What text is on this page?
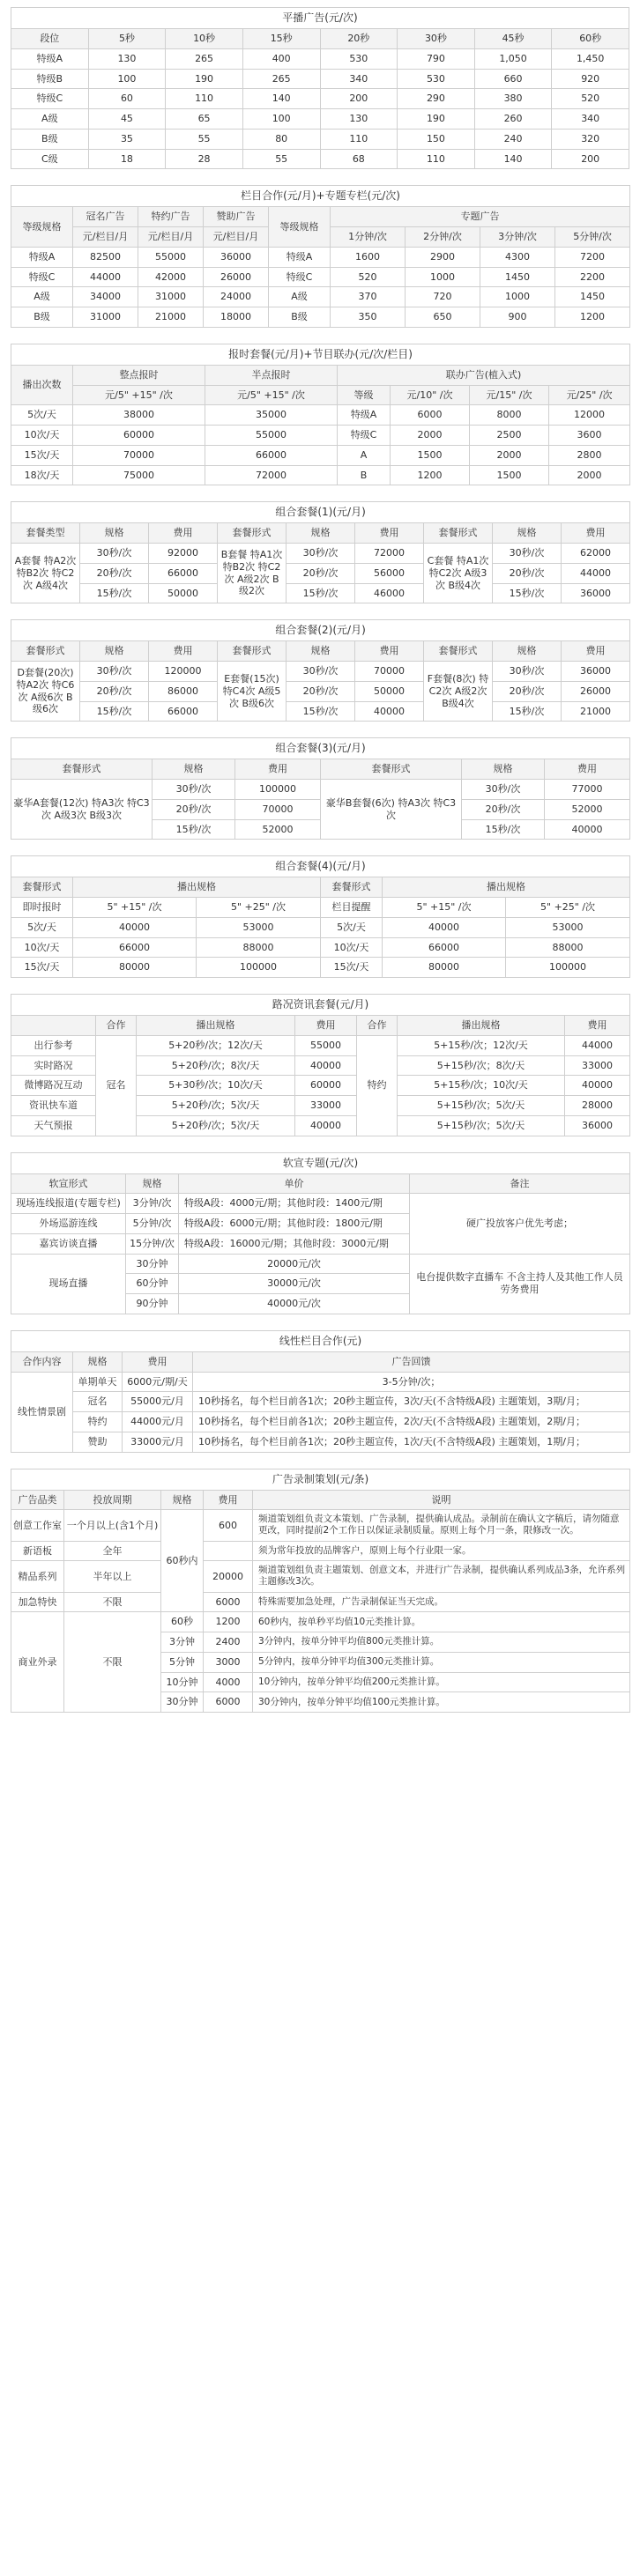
平播广告(元/次)							
段位	5秒	10秒	15秒	20秒	30秒	45秒	60秒
特级A	130	265	400	530	790	1,050	1,450
特级B	100	190	265	340	530	660	920
特级C	60	110	140	200	290	380	520
A级	45	65	100	130	190	260	340
B级	35	55	80	110	150	240	320
C级	18	28	55	68	110	140	200
栏目合作(元/月)+专题专栏(元/次)								
等级规格	冠名广告	特约广告	赞助广告	等级规格	专题广告			
	元/栏目/月	元/栏目/月	元/栏目/月		1分钟/次	2分钟/次	3分钟/次	5分钟/次
特级A	82500	55000	36000	特级A	1600	2900	4300	7200
特级C	44000	42000	26000	特级C	520	1000	1450	2200
A级	34000	31000	24000	A级	370	720	1000	1450
B级	31000	21000	18000	B级	350	650	900	1200
报时套餐(元/月)+节目联办(元/次/栏目)						
播出次数	整点报时	半点报时	联办广告(植入式)			
	元/5" +15" /次	元/5" +15" /次	等级	元/10" /次	元/15" /次	元/25" /次
5次/天	38000	35000	特级A	6000	8000	12000
10次/天	60000	55000	特级C	2000	2500	3600
15次/天	70000	66000	A	1500	2000	2800
18次/天	75000	72000	B	1200	1500	2000
组合套餐(1)(元/月)								
套餐类型	规格	费用	套餐形式	规格	费用	套餐形式	规格	费用
A套餐 特A2次 特B2次 特C2次 A级4次	30秒/次	92000	B套餐 特A1次 特B2次 特C2次 A级2次 B级2次	30秒/次	72000	C套餐 特A1次 特C2次 A级3次 B级4次	30秒/次	62000
	20秒/次	66000		20秒/次	56000		20秒/次	44000
	15秒/次	50000		15秒/次	46000		15秒/次	36000
组合套餐(2)(元/月)								
套餐形式	规格	费用	套餐形式	规格	费用	套餐形式	规格	费用
D套餐(20次) 特A2次 特C6次 A级6次 B级6次	30秒/次	120000	E套餐(15次) 特C4次 A级5次 B级6次	30秒/次	70000	F套餐(8次) 特C2次 A级2次 B级4次	30秒/次	36000
	20秒/次	86000		20秒/次	50000		20秒/次	26000
	15秒/次	66000		15秒/次	40000		15秒/次	21000
组合套餐(3)(元/月)					
套餐形式	规格	费用	套餐形式	规格	费用
豪华A套餐(12次) 特A3次 特C3次 A级3次 B级3次	30秒/次	100000	豪华B套餐(6次) 特A3次 特C3次	30秒/次	77000
	20秒/次	70000		20秒/次	52000
	15秒/次	52000		15秒/次	40000
组合套餐(4)(元/月)					
套餐形式	播出规格		套餐形式	播出规格	
即时报时	5" +15" /次	5" +25" /次	栏目提醒	5" +15" /次	5" +25" /次
5次/天	40000	53000	5次/天	40000	53000
10次/天	66000	88000	10次/天	66000	88000
15次/天	80000	100000	15次/天	80000	100000
路况资讯套餐(元/月)						
	合作	播出规格	费用	合作	播出规格	费用
出行参考	冠名	5+20秒/次；12次/天	55000	特约	5+15秒/次；12次/天	44000
实时路况		5+20秒/次；8次/天	40000		5+15秒/次；8次/天	33000
微博路况互动		5+30秒/次；10次/天	60000		5+15秒/次；10次/天	40000
资讯快车道		5+20秒/次；5次/天	33000		5+15秒/次；5次/天	28000
天气预报		5+20秒/次；5次/天	40000		5+15秒/次；5次/天	36000
软宣专题(元/次)			
软宣形式	规格	单价	备注
现场连线报道(专题专栏)	3分钟/次	特级A段：4000元/期；其他时段：1400元/期	硬广投放客户优先考虑；
外场巡游连线	5分钟/次	特级A段：6000元/期；其他时段：1800元/期	
嘉宾访谈直播	15分钟/次	特级A段：16000元/期；其他时段：3000元/期	
现场直播	30分钟	20000元/次	电台提供数字直播车 不含主持人及其他工作人员劳务费用
	60分钟	30000元/次	
	90分钟	40000元/次	
线性栏目合作(元)			
合作内容	规格	费用	广告回馈
线性情景剧	单期单天	6000元/期/天	3-5分钟/次；
	冠名	55000元/月	10秒扬名，每个栏目前各1次；20秒主题宣传，3次/天(不含特级A段) 主题策划，3期/月；
	特约	44000元/月	10秒扬名，每个栏目前各1次；20秒主题宣传，2次/天(不含特级A段) 主题策划，2期/月；
	赞助	33000元/月	10秒扬名，每个栏目前各1次；20秒主题宣传，1次/天(不含特级A段) 主题策划，1期/月；
广告录制策划(元/条)				
广告品类	投放周期	规格	费用	说明
创意工作室	一个月以上(含1个月)	60秒内	600	频道策划组负责文本策划、广告录制，提供确认成品。录制前在确认文字稿后，请勿随意更改，同时提前2个工作日以保证录制质量。原则上每个月一条，限修改一次。
新语板	全年			须为常年投放的品牌客户，原则上每个行业限一家。
精品系列	半年以上		20000	频道策划组负责主题策划、创意文本，并进行广告录制，提供确认系列成品3条，允许系列主题修改3次。
加急特快	不限		6000	特殊需要加急处理，广告录制保证当天完成。
商业外录	不限	60秒	1200	60秒内，按单秒平均值10元类推计算。
		3分钟	2400	3分钟内，按单分钟平均值800元类推计算。
		5分钟	3000	5分钟内，按单分钟平均值300元类推计算。
		10分钟	4000	10分钟内，按单分钟平均值200元类推计算。
		30分钟	6000	30分钟内，按单分钟平均值100元类推计算。
